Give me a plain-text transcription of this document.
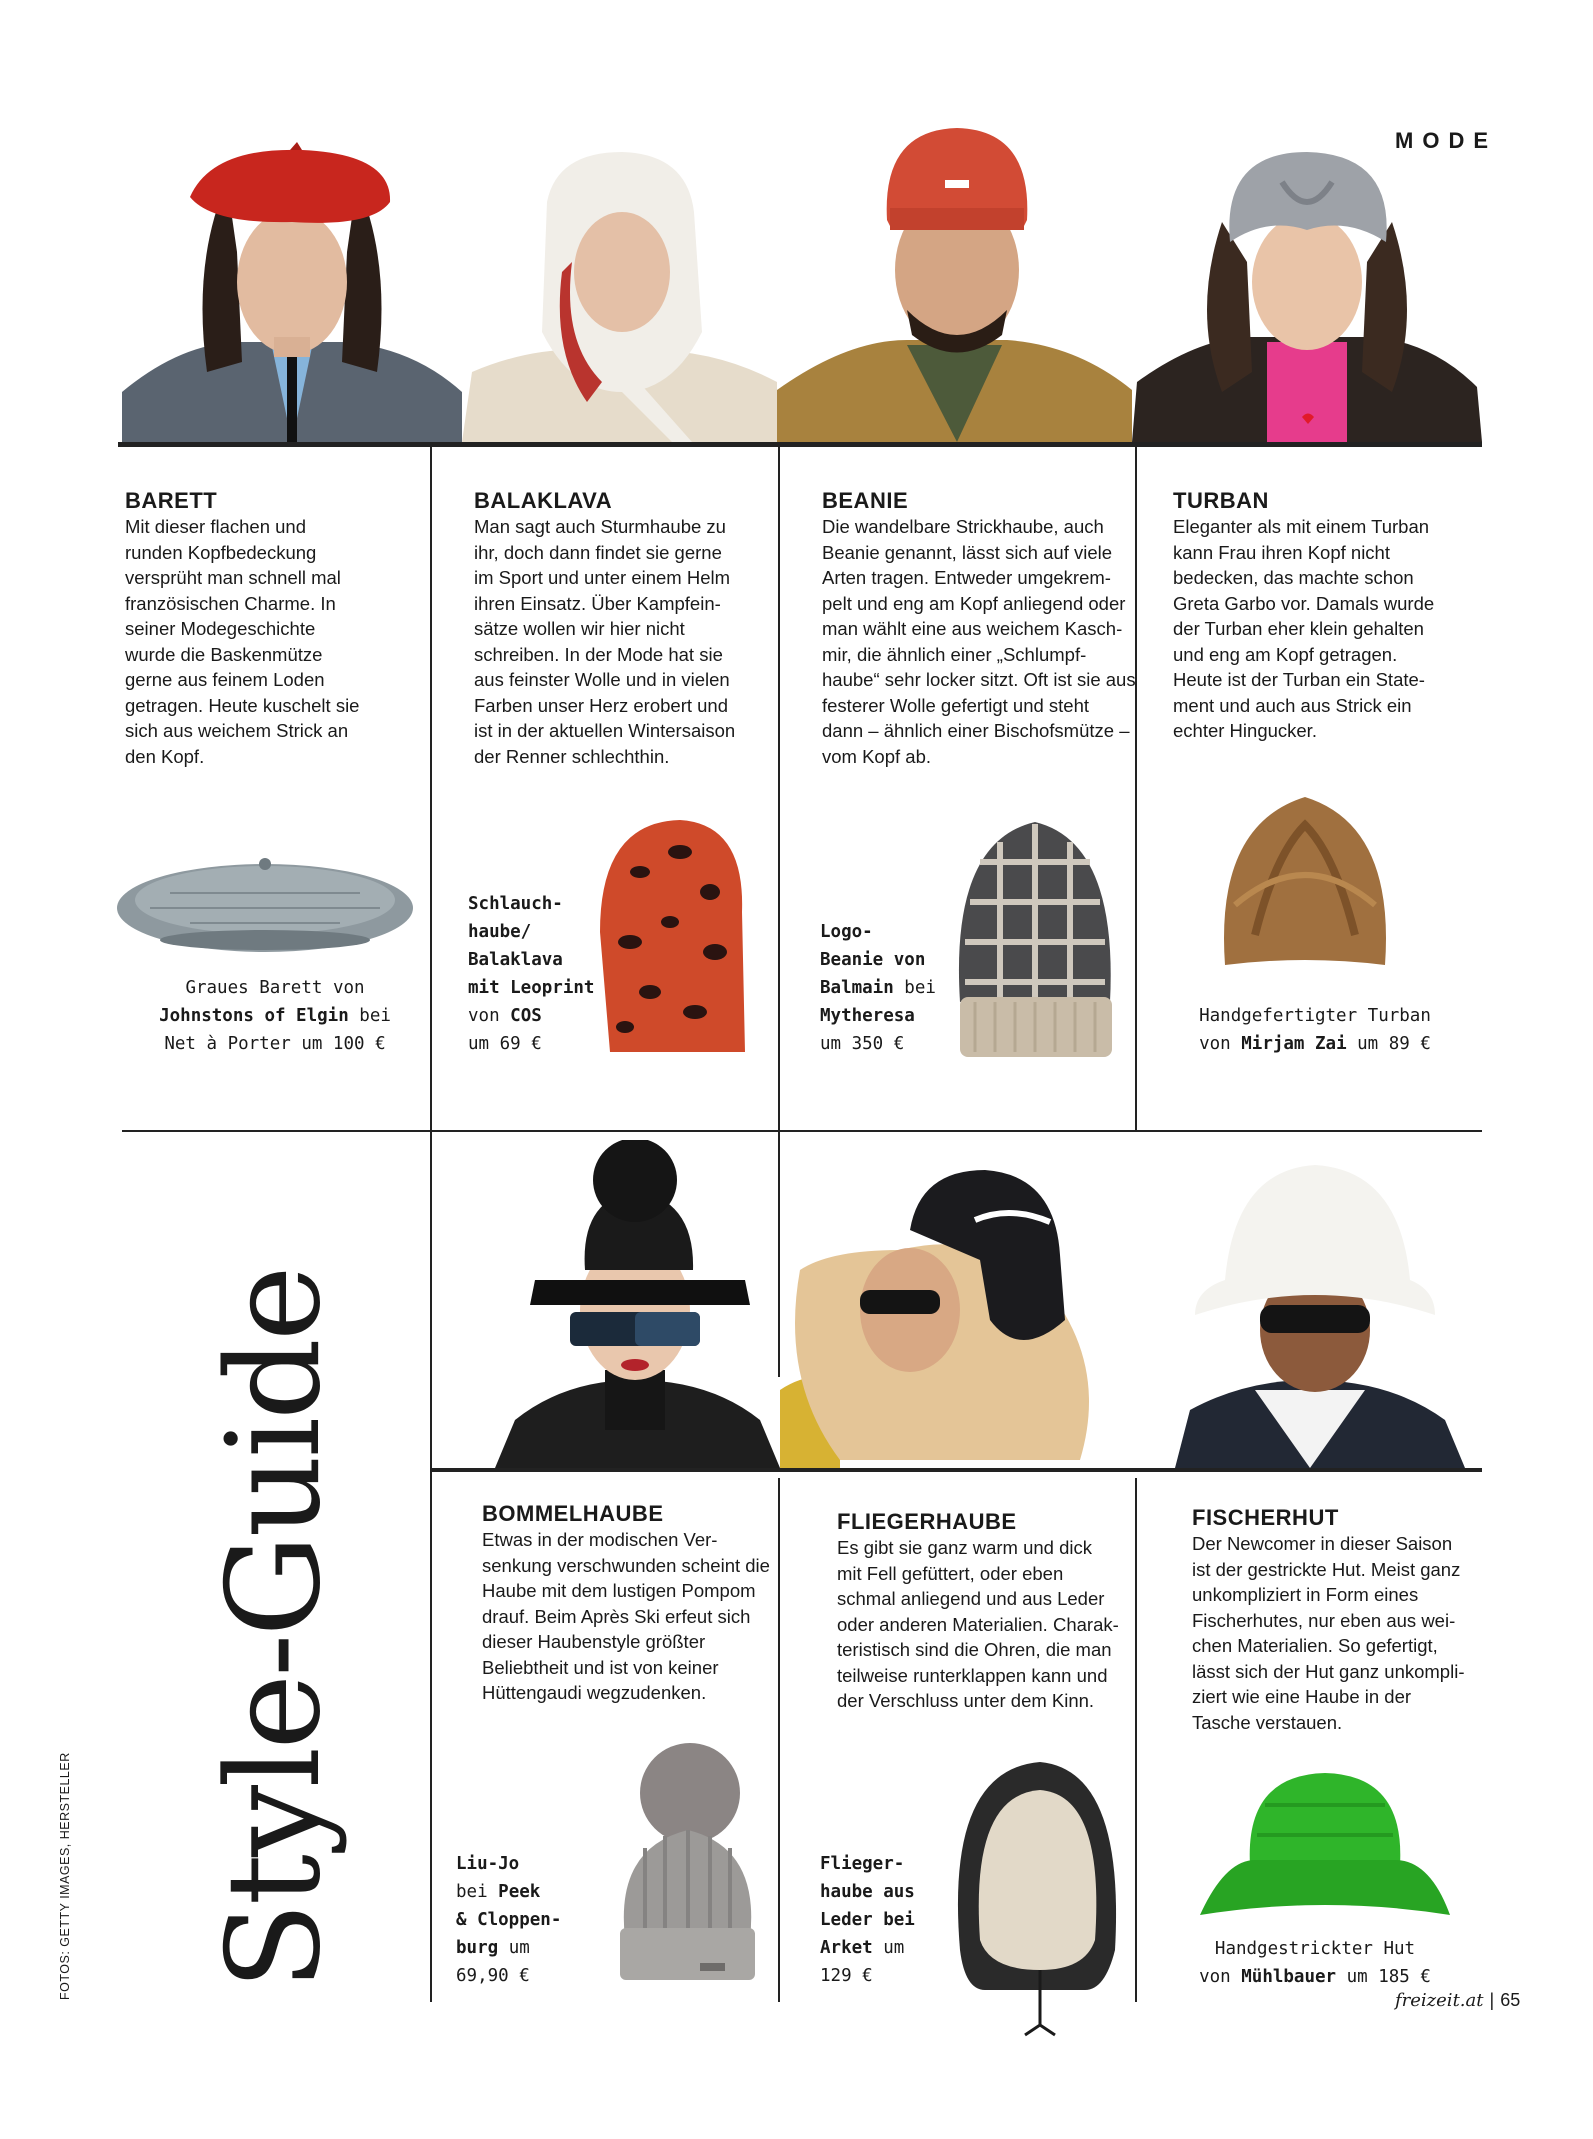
MODE
BARETT
Mit dieser flachen und
runden Kopfbedeckung
versprüht man schnell mal
französischen Charme. In
seiner Modegeschichte
wurde die Baskenmütze
gerne aus feinem Loden
getragen. Heute kuschelt sie
sich aus weichem Strick an
den Kopf.
Graues Barett von
Johnstons of Elgin bei
Net à Porter um 100 €
BALAKLAVA
Man sagt auch Sturmhaube zu
ihr, doch dann findet sie gerne
im Sport und unter einem Helm
ihren Einsatz. Über Kampfein-
sätze wollen wir hier nicht
schreiben. In der Mode hat sie
aus feinster Wolle und in vielen
Farben unser Herz erobert und
ist in der aktuellen Wintersaison
der Renner schlechthin.
Schlauch-
haube/
Balaklava
mit Leoprint
von COS
um 69 €
BEANIE
Die wandelbare Strickhaube, auch
Beanie genannt, lässt sich auf viele
Arten tragen. Entweder umgekrem-
pelt und eng am Kopf anliegend oder
man wählt eine aus weichem Kasch-
mir, die ähnlich einer „Schlumpf-
haube“ sehr locker sitzt. Oft ist sie aus
festerer Wolle gefertigt und steht
dann – ähnlich einer Bischofsmütze –
vom Kopf ab.
Logo-
Beanie von
Balmain bei
Mytheresa
um 350 €
TURBAN
Eleganter als mit einem Turban
kann Frau ihren Kopf nicht
bedecken, das machte schon
Greta Garbo vor. Damals wurde
der Turban eher klein gehalten
und eng am Kopf getragen.
Heute ist der Turban ein State-
ment und auch aus Strick ein
echter Hingucker.
Handgefertigter Turban
von Mirjam Zai um 89 €
Style-Guide
FOTOS: GETTY IMAGES, HERSTELLER
BOMMELHAUBE
Etwas in der modischen Ver-
senkung verschwunden scheint die
Haube mit dem lustigen Pompom
drauf. Beim Après Ski erfeut sich
dieser Haubenstyle größter
Beliebtheit und ist von keiner
Hüttengaudi wegzudenken.
Liu-Jo
bei Peek
& Cloppen-
burg um
69,90 €
FLIEGERHAUBE
Es gibt sie ganz warm und dick
mit Fell gefüttert, oder eben
schmal anliegend und aus Leder
oder anderen Materialien. Charak-
teristisch sind die Ohren, die man
teilweise runterklappen kann und
der Verschluss unter dem Kinn.
Flieger-
haube aus
Leder bei
Arket um
129 €
FISCHERHUT
Der Newcomer in dieser Saison
ist der gestrickte Hut. Meist ganz
unkompliziert in Form eines
Fischerhutes, nur eben aus wei-
chen Materialien. So gefertigt,
lässt sich der Hut ganz unkompli-
ziert wie eine Haube in der
Tasche verstauen.
Handgestrickter Hut
von Mühlbauer um 185 €
freizeit.at | 65
